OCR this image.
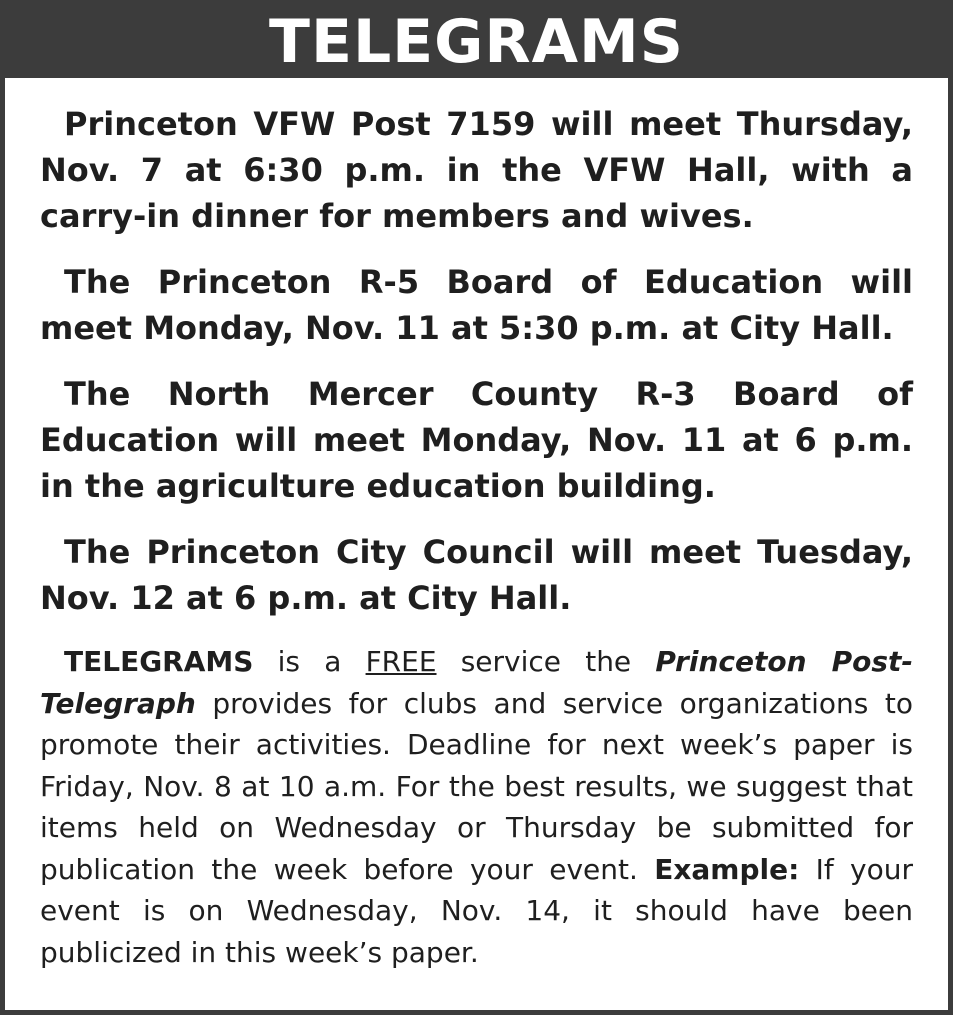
TELEGRAMS

Princeton VFW Post 7159 will meet Thursday, Nov. 7 at 6:30 p.m. in the VFW Hall, with a carry-in dinner for members and wives.

The Princeton R-5 Board of Education will meet Monday, Nov. 11 at 5:30 p.m. at City Hall.

The North Mercer County R-3 Board of Education will meet Monday, Nov. 11 at 6 p.m. in the agriculture education building.

The Princeton City Council will meet Tuesday, Nov. 12 at 6 p.m. at City Hall.

TELEGRAMS is a FREE service the Princeton Post-Telegraph provides for clubs and service organizations to promote their activities. Deadline for next week’s paper is Friday, Nov. 8 at 10 a.m. For the best results, we suggest that items held on Wednesday or Thursday be submitted for publication the week before your event. Example: If your event is on Wednesday, Nov. 14, it should have been publicized in this week’s paper.
